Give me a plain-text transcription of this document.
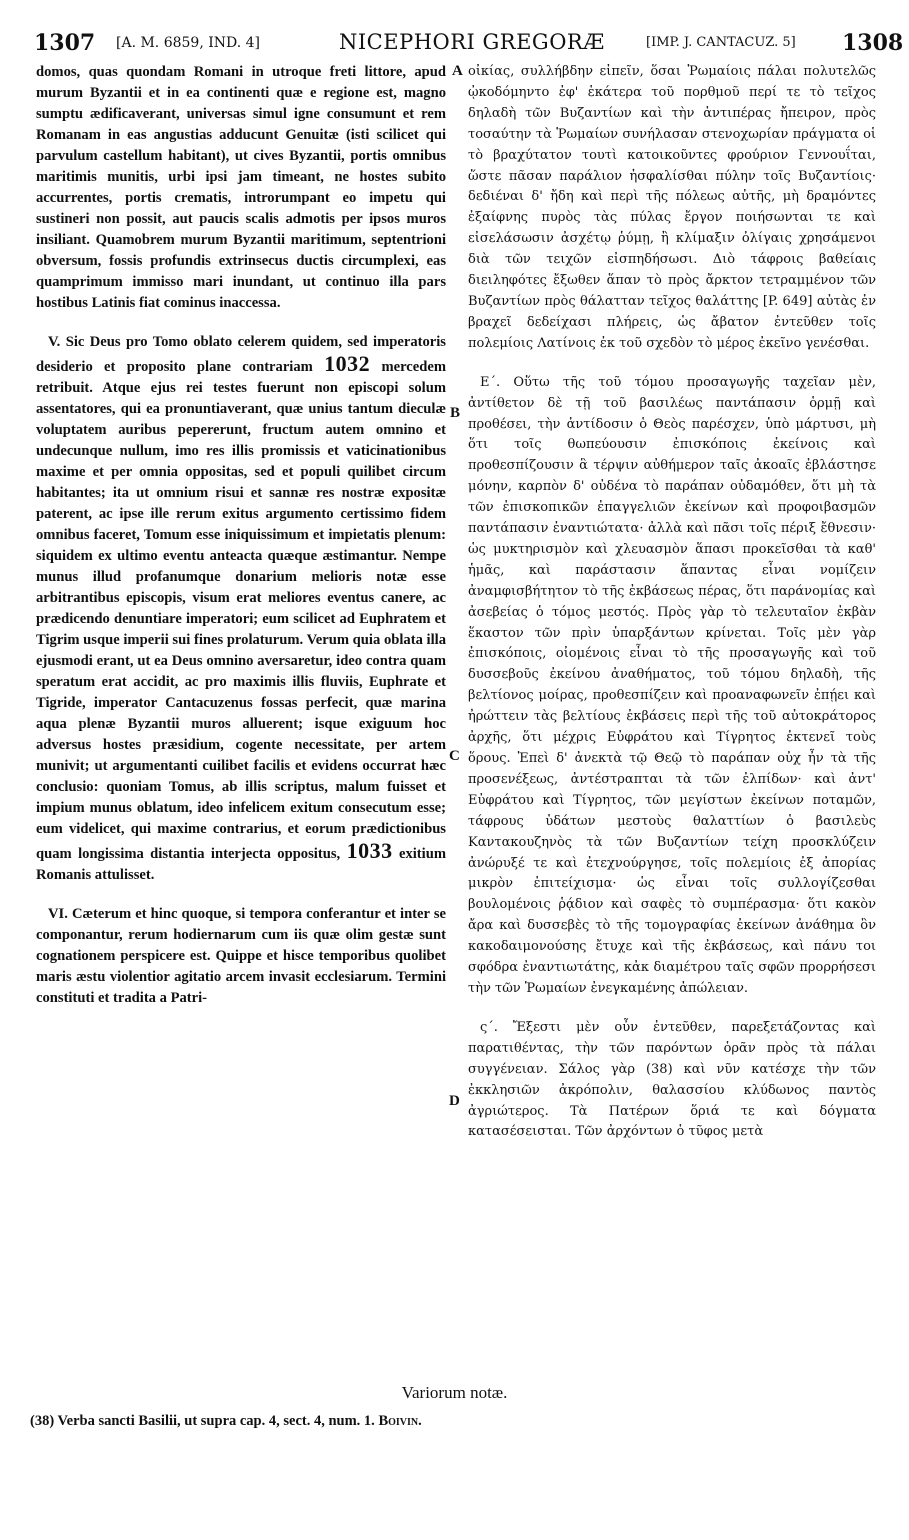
1307 [A. M. 6859, IND. 4]	NICEPHORI GREGORÆ	[IMP. J. CANTACUZ. 5] 1308

domos, quas quondam Romani in utroque freti littore, apud murum Byzantii et in ea continenti quæ e regione est, magno sumptu ædificaverant, universas simul igne consumunt et rem Romanam in eas angustias adducunt Genuitæ (isti scilicet qui parvulum castellum habitant), ut cives Byzantii, portis omnibus maritimis munitis, urbi ipsi jam timeant, ne hostes subito accurrentes, portis crematis, introrumpant eo impetu qui sustineri non possit, aut paucis scalis admotis per ipsos muros insiliant. Quamobrem murum Byzantii maritimum, septentrioni obversum, fossis profundis extrinsecus ductis circumplexi, eas quamprimum immisso mari inundant, ut continuo illa pars hostibus Latinis fiat cominus inaccessa.

V. Sic Deus pro Tomo oblato celerem quidem, sed imperatoris desiderio et proposito plane contrariam 1032 mercedem retribuit. Atque ejus rei testes fuerunt non episcopi solum assentatores, qui ea pronuntiaverant, quæ unius tantum dieculæ voluptatem auribus pepererunt, fructum autem omnino et undecunque nullum, imo res illis promissis et vaticinationibus maxime et per omnia oppositas, sed et populi quilibet circum habitantes; ita ut omnium risui et sannæ res nostræ expositæ paterent, ac ipse ille rerum exitus argumento certissimo fidem omnibus faceret, Tomum esse iniquissimum et impietatis plenum: siquidem ex ultimo eventu anteacta quæque æstimantur. Nempe munus illud profanumque donarium melioris notæ esse arbitrantibus episcopis, visum erat meliores eventus canere, ac prædicendo denuntiare imperatori; eum scilicet ad Euphratem et Tigrim usque imperii sui fines prolaturum. Verum quia oblata illa ejusmodi erant, ut ea Deus omnino aversaretur, ideo contra quam speratum erat accidit, ac pro maximis illis fluviis, Euphrate et Tigride, imperator Cantacuzenus fossas perfecit, quæ marina aqua plenæ Byzantii muros alluerent; isque exiguum hoc adversus hostes præsidium, cogente necessitate, per artem munivit; ut argumentanti cuilibet facilis et evidens occurrat hæc conclusio: quoniam Tomus, ab illis scriptus, malum fuisset et impium munus oblatum, ideo infelicem exitum consecutum esse; eum videlicet, qui maxime contrarius, et eorum prædictionibus quam longissima distantia interjecta oppositus, 1033 exitium Romanis attulisset.

VI. Cæterum et hinc quoque, si tempora conferantur et inter se componantur, rerum hodiernarum cum iis quæ olim gestæ sunt cognationem perspicere est. Quippe et hisce temporibus quolibet maris æstu violentior agitatio arcem invasit ecclesiarum. Termini constituti et tradita a Patri-

A
B
C
D

οἰκίας, συλλήβδην εἰπεῖν, ὅσαι Ῥωμαίοις πάλαι πολυτελῶς ᾠκοδόμηντο ἐφ' ἑκάτερα τοῦ πορθμοῦ περί τε τὸ τεῖχος δηλαδὴ τῶν Βυζαντίων καὶ τὴν ἀντιπέρας ἤπειρον, πρὸς τοσαύτην τὰ Ῥωμαίων συνήλασαν στενοχωρίαν πράγματα οἱ τὸ βραχύτατον τουτὶ κατοικοῦντες φρούριον Γεννουΐται, ὥστε πᾶσαν παράλιον ἠσφαλίσθαι πύλην τοῖς Βυζαντίοις· δεδιέναι δ' ἤδη καὶ περὶ τῆς πόλεως αὐτῆς, μὴ δραμόντες ἐξαίφνης πυρὸς τὰς πύλας ἔργον ποιήσωνται τε καὶ εἰσελάσωσιν ἀσχέτῳ ῥύμῃ, ἢ κλίμαξιν ὀλίγαις χρησάμενοι διὰ τῶν τειχῶν εἰσπηδήσωσι. Διὸ τάφροις βαθείαις διειληφότες ἔξωθεν ἅπαν τὸ πρὸς ἄρκτον τετραμμένον τῶν Βυζαντίων πρὸς θάλατταν τεῖχος θαλάττης [P. 649] αὐτὰς ἐν βραχεῖ δεδείχασι πλήρεις, ὡς ἄβατον ἐντεῦθεν τοῖς πολεμίοις Λατίνοις ἐκ τοῦ σχεδὸν τὸ μέρος ἐκεῖνο γενέσθαι.

Ε΄. Οὕτω τῆς τοῦ τόμου προσαγωγῆς ταχεῖαν μὲν, ἀντίθετον δὲ τῇ τοῦ βασιλέως παντάπασιν ὁρμῇ καὶ προθέσει, τὴν ἀντίδοσιν ὁ Θεὸς παρέσχεν, ὑπὸ μάρτυσι, μὴ ὅτι τοῖς θωπεύουσιν ἐπισκόποις ἐκείνοις καὶ προθεσπίζουσιν ἃ τέρψιν αὐθήμερον ταῖς ἀκοαῖς ἐβλάστησε μόνην, καρπὸν δ' οὐδένα τὸ παράπαν οὐδαμόθεν, ὅτι μὴ τὰ τῶν ἐπισκοπικῶν ἐπαγγελιῶν ἐκείνων καὶ προφοιβασμῶν παντάπασιν ἐναντιώτατα· ἀλλὰ καὶ πᾶσι τοῖς πέριξ ἔθνεσιν· ὡς μυκτηρισμὸν καὶ χλευασμὸν ἅπασι προκεῖσθαι τὰ καθ' ἡμᾶς, καὶ παράστασιν ἅπαντας εἶναι νομίζειν ἀναμφισβήτητον τὸ τῆς ἐκβάσεως πέρας, ὅτι παράνομίας καὶ ἀσεβείας ὁ τόμος μεστός. Πρὸς γὰρ τὸ τελευταῖον ἐκβὰν ἕκαστον τῶν πρὶν ὑπαρξάντων κρίνεται. Τοῖς μὲν γὰρ ἐπισκόποις, οἰομένοις εἶναι τὸ τῆς προσαγωγῆς καὶ τοῦ δυσσεβοῦς ἐκείνου ἀναθήματος, τοῦ τόμου δηλαδὴ, τῆς βελτίονος μοίρας, προθεσπίζειν καὶ προαναφωνεῖν ἐπῄει καὶ ἠρώττειν τὰς βελτίους ἐκβάσεις περὶ τῆς τοῦ αὐτοκράτορος ἀρχῆς, ὅτι μέχρις Εὐφράτου καὶ Τίγρητος ἐκτενεῖ τοὺς ὅρους. Ἐπεὶ δ' ἀνεκτὰ τῷ Θεῷ τὸ παράπαν οὐχ ἦν τὰ τῆς προσενέξεως, ἀντέστραπται τὰ τῶν ἐλπίδων· καὶ ἀντ' Εὐφράτου καὶ Τίγρητος, τῶν μεγίστων ἐκείνων ποταμῶν, τάφρους ὑδάτων μεστοὺς θαλαττίων ὁ βασιλεὺς Καντακουζηνὸς τὰ τῶν Βυζαντίων τείχη προσκλύζειν ἀνώρυξέ τε καὶ ἐτεχνούργησε, τοῖς πολεμίοις ἐξ ἀπορίας μικρὸν ἐπιτείχισμα· ὡς εἶναι τοῖς συλλογίζεσθαι βουλομένοις ῥᾴδιον καὶ σαφὲς τὸ συμπέρασμα· ὅτι κακὸν ἄρα καὶ δυσσεβὲς τὸ τῆς τομογραφίας ἐκείνων ἀνάθημα ὃν κακοδαιμονούσης ἔτυχε καὶ τῆς ἐκβάσεως, καὶ πάνυ τοι σφόδρα ἐναντιωτάτης, κἀκ διαμέτρου ταῖς σφῶν προρρήσεσι τὴν τῶν Ῥωμαίων ἐνεγκαμένης ἀπώλειαν.

ς΄. Ἔξεστι μὲν οὖν ἐντεῦθεν, παρεξετάζοντας καὶ παρατιθέντας, τὴν τῶν παρόντων ὁρᾶν πρὸς τὰ πάλαι συγγένειαν. Σάλος γὰρ (38) καὶ νῦν κατέσχε τὴν τῶν ἐκκλησιῶν ἀκρόπολιν, θαλασσίου κλύδωνος παντὸς ἀγριώτερος. Τὰ Πατέρων ὅριά τε καὶ δόγματα κατασέσεισται. Τῶν ἀρχόντων ὁ τῦφος μετὰ

Variorum notæ.
(38) Verba sancti Basilii, ut supra cap. 4, sect. 4, num. 1. Boivin.
